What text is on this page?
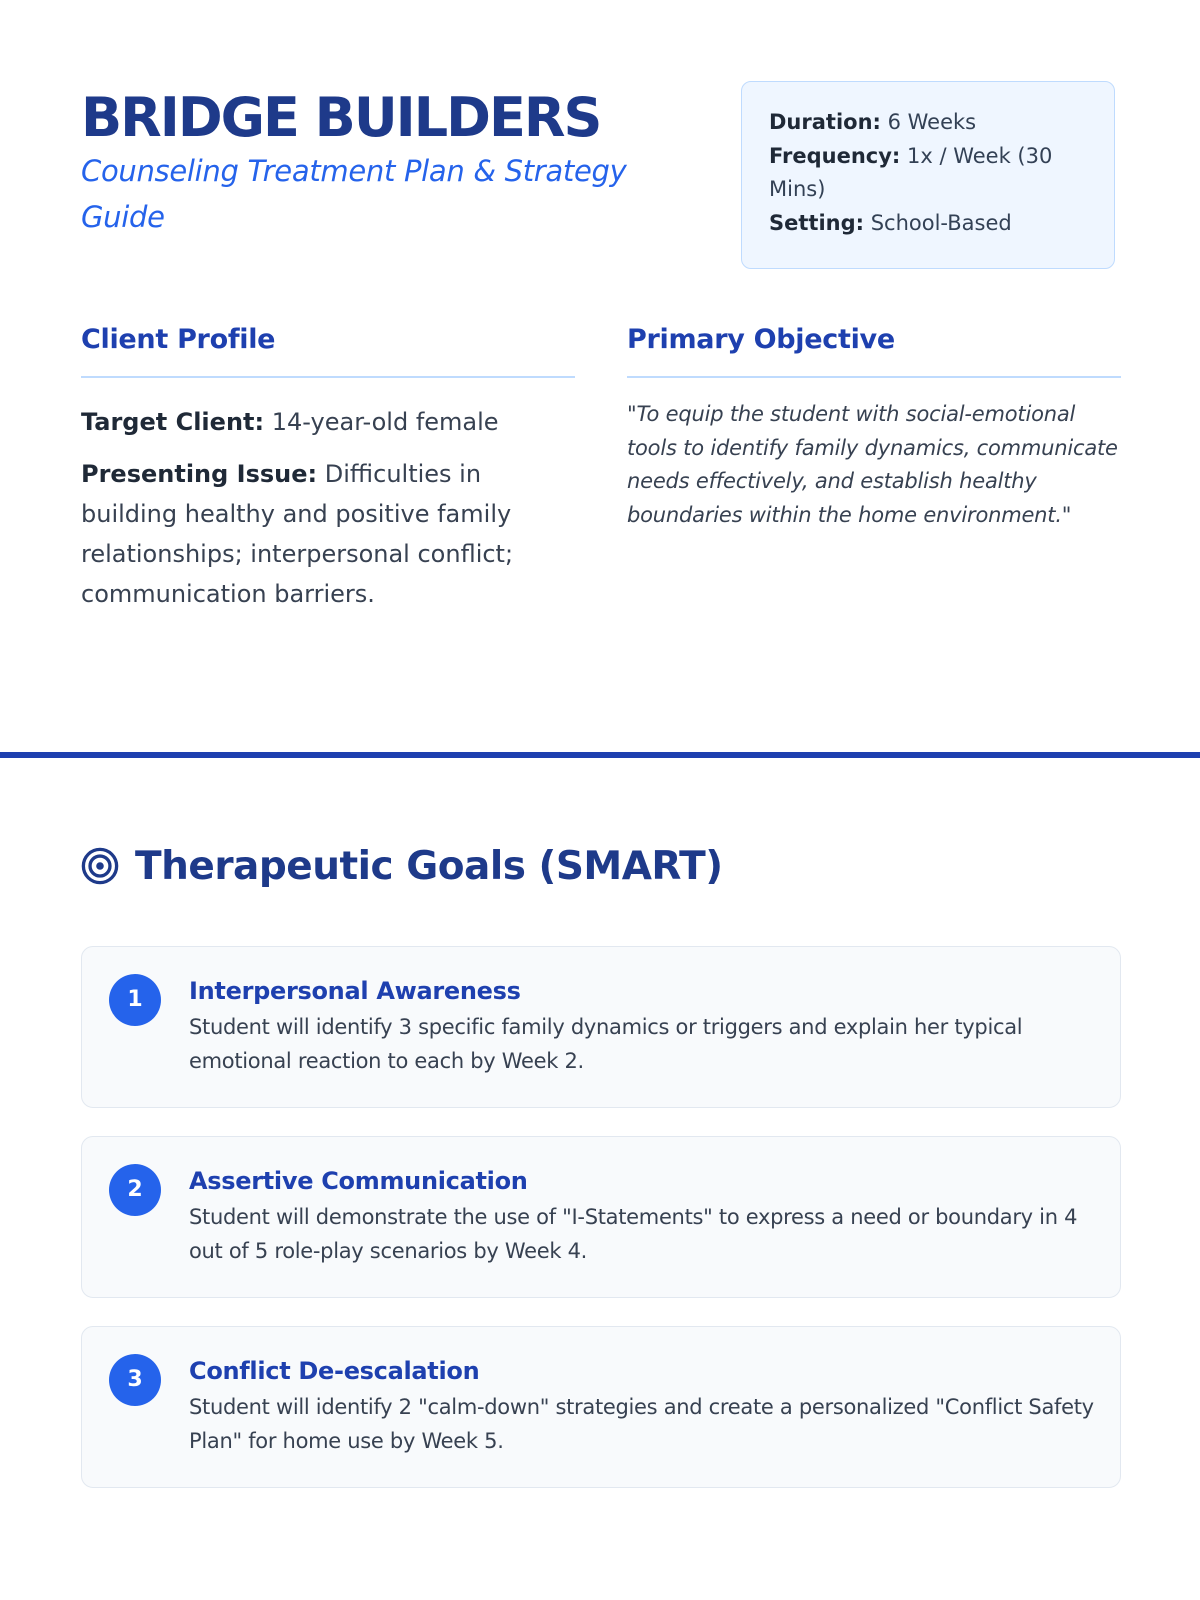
BRIDGE BUILDERS
Counseling Treatment Plan & Strategy Guide
Duration: 6 Weeks
Frequency: 1x / Week (30 Mins)
Setting: School-Based
Client Profile

Target Client: 14-year-old female

Presenting Issue: Difficulties in building healthy and positive family relationships; interpersonal conflict; communication barriers.

Primary Objective
"To equip the student with social-emotional tools to identify family dynamics, communicate needs effectively, and establish healthy boundaries within the home environment."
Therapeutic Goals (SMART)
1	Interpersonal Awareness
Student will identify 3 specific family dynamics or triggers and explain her typical emotional reaction to each by Week 2.
2	Assertive Communication
Student will demonstrate the use of "I-Statements" to express a need or boundary in 4 out of 5 role-play scenarios by Week 4.
3	Conflict De-escalation
Student will identify 2 "calm-down" strategies and create a personalized "Conflict Safety Plan" for home use by Week 5.
